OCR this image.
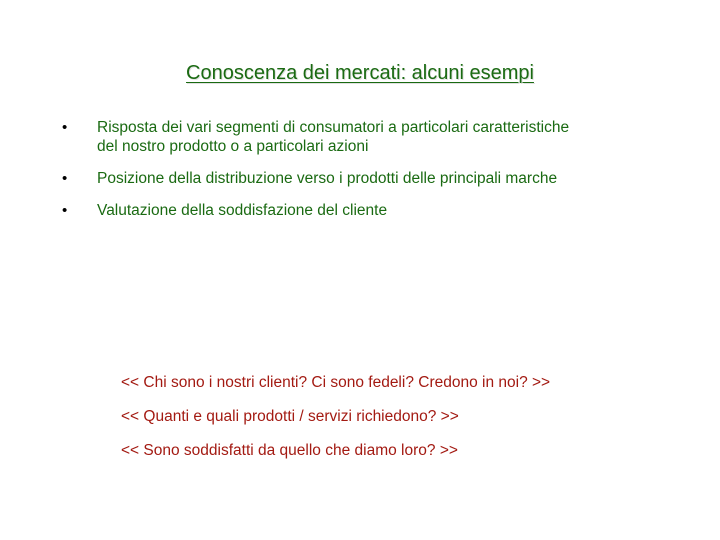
Conoscenza dei mercati: alcuni esempi
• Risposta dei vari segmenti di consumatori a particolari caratteristiche
del nostro prodotto o a particolari azioni
• Posizione della distribuzione verso i prodotti delle principali marche
• Valutazione della soddisfazione del cliente
<< Chi sono i nostri clienti? Ci sono fedeli? Credono in noi? >>
<< Quanti e quali prodotti / servizi richiedono? >>
<< Sono soddisfatti da quello che diamo loro? >>
